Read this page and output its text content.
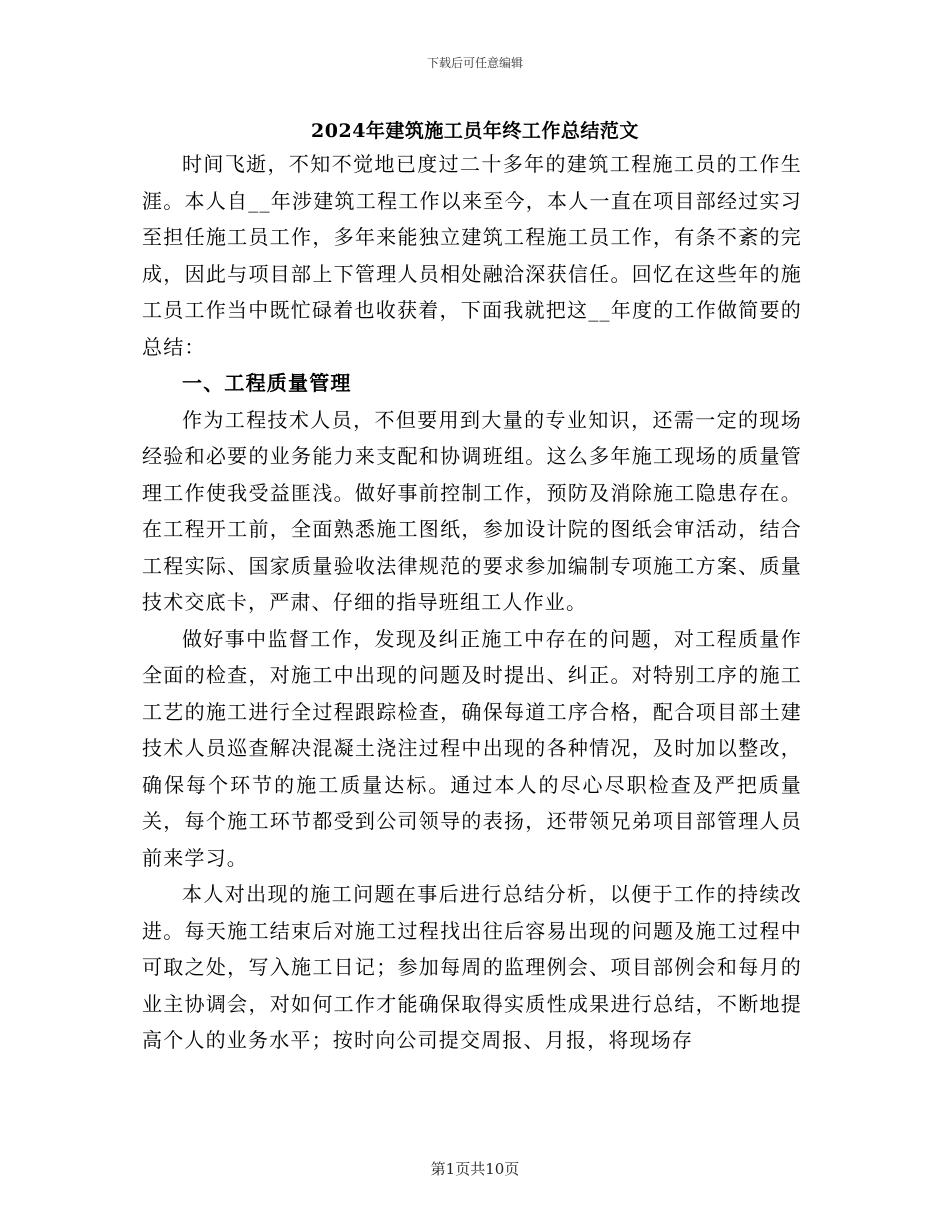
下载后可任意编辑
2024年建筑施工员年终工作总结范文

时间飞逝，不知不觉地已度过二十多年的建筑工程施工员的工作生涯。本人自__年涉建筑工程工作以来至今，本人一直在项目部经过实习至担任施工员工作，多年来能独立建筑工程施工员工作，有条不紊的完成，因此与项目部上下管理人员相处融洽深获信任。回忆在这些年的施工员工作当中既忙碌着也收获着，下面我就把这__年度的工作做简要的总结：

一、工程质量管理

作为工程技术人员，不但要用到大量的专业知识，还需一定的现场经验和必要的业务能力来支配和协调班组。这么多年施工现场的质量管理工作使我受益匪浅。做好事前控制工作，预防及消除施工隐患存在。在工程开工前，全面熟悉施工图纸，参加设计院的图纸会审活动，结合工程实际、国家质量验收法律规范的要求参加编制专项施工方案、质量技术交底卡，严肃、仔细的指导班组工人作业。

做好事中监督工作，发现及纠正施工中存在的问题，对工程质量作全面的检查，对施工中出现的问题及时提出、纠正。对特别工序的施工工艺的施工进行全过程跟踪检查，确保每道工序合格，配合项目部土建技术人员巡查解决混凝土浇注过程中出现的各种情况，及时加以整改，确保每个环节的施工质量达标。通过本人的尽心尽职检查及严把质量关，每个施工环节都受到公司领导的表扬，还带领兄弟项目部管理人员前来学习。

本人对出现的施工问题在事后进行总结分析，以便于工作的持续改进。每天施工结束后对施工过程找出往后容易出现的问题及施工过程中可取之处，写入施工日记；参加每周的监理例会、项目部例会和每月的业主协调会，对如何工作才能确保取得实质性成果进行总结，不断地提高个人的业务水平；按时向公司提交周报、月报，将现场存

第1页共10页
